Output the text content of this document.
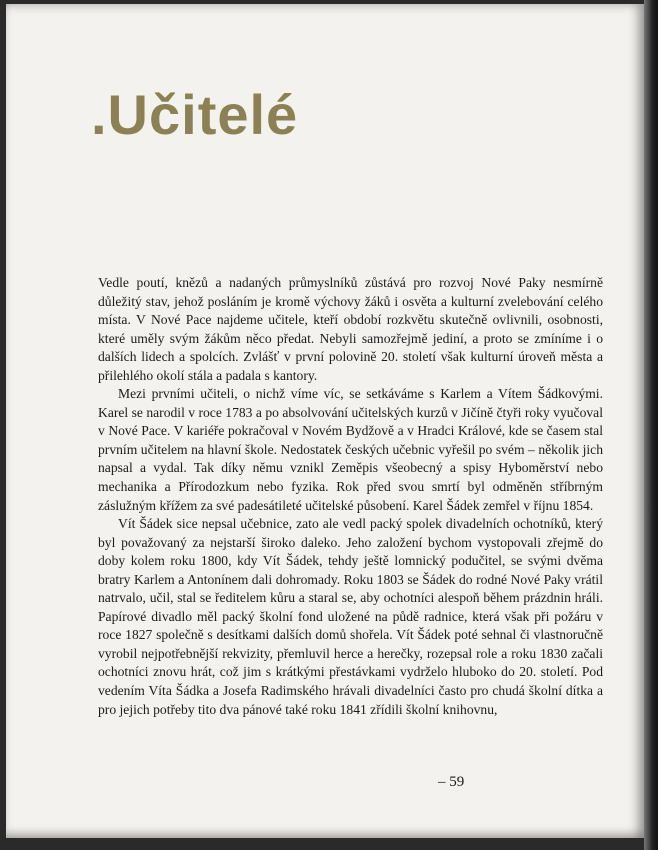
.Učitelé

Vedle poutí, knězů a nadaných průmyslníků zůstává pro rozvoj Nové Paky nesmírně důležitý stav, jehož posláním je kromě výchovy žáků i osvěta a kulturní zvelebování celého místa. V Nové Pace najdeme učitele, kteří období rozkvětu skutečně ovlivnili, osobnosti, které uměly svým žákům něco předat. Nebyli samozřejmě jediní, a proto se zmíníme i o dalších lidech a spolcích. Zvlášť v první polovině 20. století však kulturní úroveň města a přilehlého okolí stála a padala s kantory.

Mezi prvními učiteli, o nichž víme víc, se setkáváme s Karlem a Vítem Šádkovými. Karel se narodil v roce 1783 a po absolvování učitelských kurzů v Jičíně čtyři roky vyučoval v Nové Pace. V kariéře pokračoval v Novém Bydžově a v Hradci Králové, kde se časem stal prvním učitelem na hlavní škole. Nedostatek českých učebnic vyřešil po svém – několik jich napsal a vydal. Tak díky němu vznikl Zeměpis všeobecný a spisy Hyboměrství nebo mechanika a Přírodozkum nebo fyzika. Rok před svou smrtí byl odměněn stříbrným záslužným křížem za své padesátileté učitelské působení. Karel Šádek zemřel v říjnu 1854.

Vít Šádek sice nepsal učebnice, zato ale vedl packý spolek divadelních ochotníků, který byl považovaný za nejstarší široko daleko. Jeho založení bychom vystopovali zřejmě do doby kolem roku 1800, kdy Vít Šádek, tehdy ještě lomnický podučitel, se svými dvěma bratry Karlem a Antonínem dali dohromady. Roku 1803 se Šádek do rodné Nové Paky vrátil natrvalo, učil, stal se ředitelem kůru a staral se, aby ochotníci alespoň během prázdnin hráli. Papírové divadlo měl packý školní fond uložené na půdě radnice, která však při požáru v roce 1827 společně s desítkami dalších domů shořela. Vít Šádek poté sehnal či vlastnoručně vyrobil nejpotřebnější rekvizity, přemluvil herce a herečky, rozepsal role a roku 1830 začali ochotníci znovu hrát, což jim s krátkými přestávkami vydrželo hluboko do 20. století. Pod vedením Víta Šádka a Josefa Radimského hrávali divadelníci často pro chudá školní dítka a pro jejich potřeby tito dva pánové také roku 1841 zřídili školní knihovnu,

– 59
